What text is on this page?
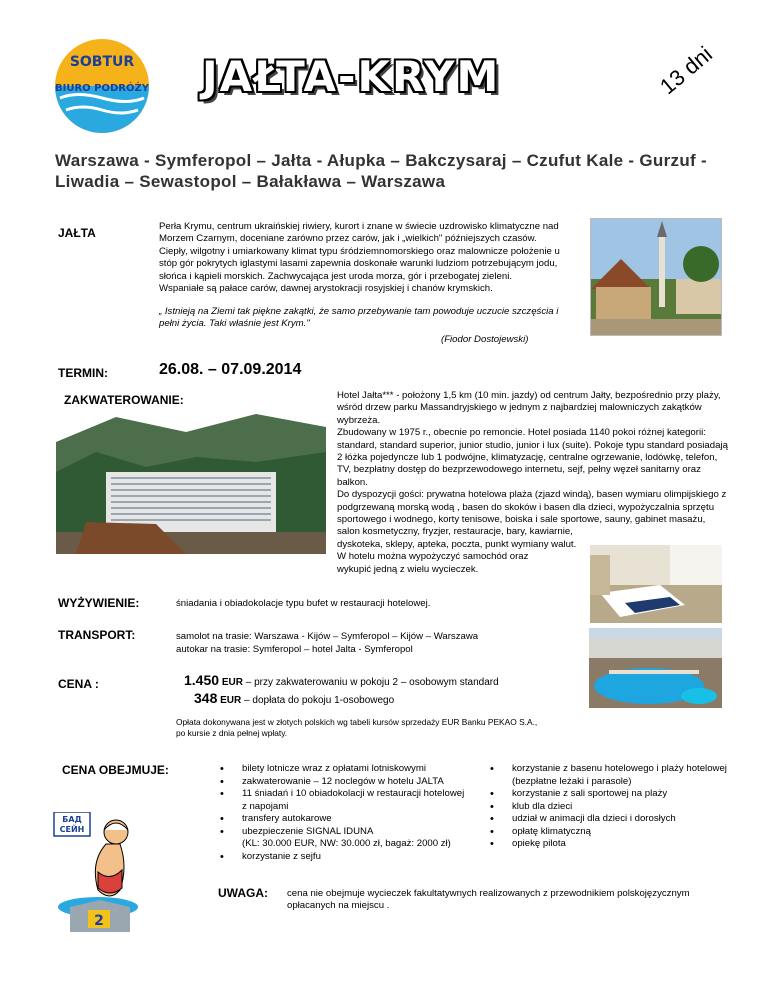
SOBTUR
BIURO PODRÓŻY JAŁTA-KRYM	13 dni
Warszawa - Symferopol – Jałta - Ałupka – Bakczysaraj – Czufut Kale - Gurzuf - Liwadia – Sewastopol – Bałakława – Warszawa
JAŁTA	Perła Krymu, centrum ukraińskiej riwiery, kurort i znane w świecie uzdrowisko klimatyczne nad
Morzem Czarnym, doceniane zarówno przez carów, jak i „wielkich" późniejszych czasów.
Ciepły, wilgotny i umiarkowany klimat typu śródziemnomorskiego oraz malownicze położenie u
stóp gór pokrytych iglastymi lasami zapewnia doskonałe warunki ludziom potrzebującym jodu,
słońca i kąpieli morskich. Zachwycająca jest uroda morza, gór i przebogatej zieleni.
Wspaniałe są pałace carów, dawnej arystokracji rosyjskiej i chanów krymskich.
„ Istnieją na Ziemi tak piękne zakątki, że samo przebywanie tam powoduje uczucie szczęścia i
pełni życia. Taki właśnie jest Krym."
(Fiodor Dostojewski)
TERMIN:	26.08. – 07.09.2014
ZAKWATEROWANIE:	Hotel Jałta*** - położony 1,5 km (10 min. jazdy) od centrum Jałty, bezpośrednio przy plaży,
wśród drzew parku Massandryjskiego w jednym z najbardziej malowniczych zakątków
wybrzeża.
Zbudowany w 1975 r., obecnie po remoncie. Hotel posiada 1140 pokoi różnej kategorii:
standard, standard superior, junior studio, junior i lux (suite). Pokoje typu standard posiadają
2 łóżka pojedyncze lub 1 podwójne, klimatyzację, centralne ogrzewanie, lodówkę, telefon,
TV, bezpłatny dostęp do bezprzewodowego internetu, sejf, pełny węzeł sanitarny oraz
balkon.
Do dyspozycji gości: prywatna hotelowa plaża (zjazd windą), basen wymiaru olimpijskiego z
podgrzewaną morską wodą , basen do skoków i basen dla dzieci, wypożyczalnia sprzętu
sportowego i wodnego, korty tenisowe, boiska i sale sportowe, sauny, gabinet masażu,
salon kosmetyczny, fryzjer, restauracje, bary, kawiarnie,
dyskoteka, sklepy, apteka, poczta, punkt wymiany walut.
W hotelu można wypożyczyć samochód oraz
wykupić jedną z wielu wycieczek.
WYŻYWIENIE:	śniadania i obiadokolacje typu bufet w restauracji hotelowej.
TRANSPORT:	samolot na trasie: Warszawa - Kijów – Symferopol – Kijów – Warszawa
autokar na trasie: Symferopol – hotel Jalta - Symferopol
CENA :	1.450 EUR – przy zakwaterowaniu w pokoju 2 – osobowym standard
348 EUR – dopłata do pokoju 1-osobowego
Opłata dokonywana jest w złotych polskich wg tabeli kursów sprzedaży EUR Banku PEKAO S.A.,
po kursie z dnia pełnej wpłaty.
CENA OBEJMUJE:
•	bilety lotnicze wraz z opłatami lotniskowymi
• zakwaterowanie – 12 noclegów w hotelu JALTA
• 11 śniadań i 10 obiadokolacji w restauracji hotelowej
z napojami
• transfery autokarowe
• ubezpieczenie SIGNAL IDUNA
(KL: 30.000 EUR, NW: 30.000 zł, bagaż: 2000 zł)
• korzystanie z sejfu
• korzystanie z basenu hotelowego i plaży hotelowej
(bezpłatne leżaki i parasole)
• korzystanie z sali sportowej na plaży
• klub dla dzieci
• udział w animacji dla dzieci i dorosłych
• opłatę klimatyczną
• opiekę pilota
БАД
СЕЙН
2
UWAGA: cena nie obejmuje wycieczek fakultatywnych realizowanych z przewodnikiem polskojęzycznym
opłacanych na miejscu .
